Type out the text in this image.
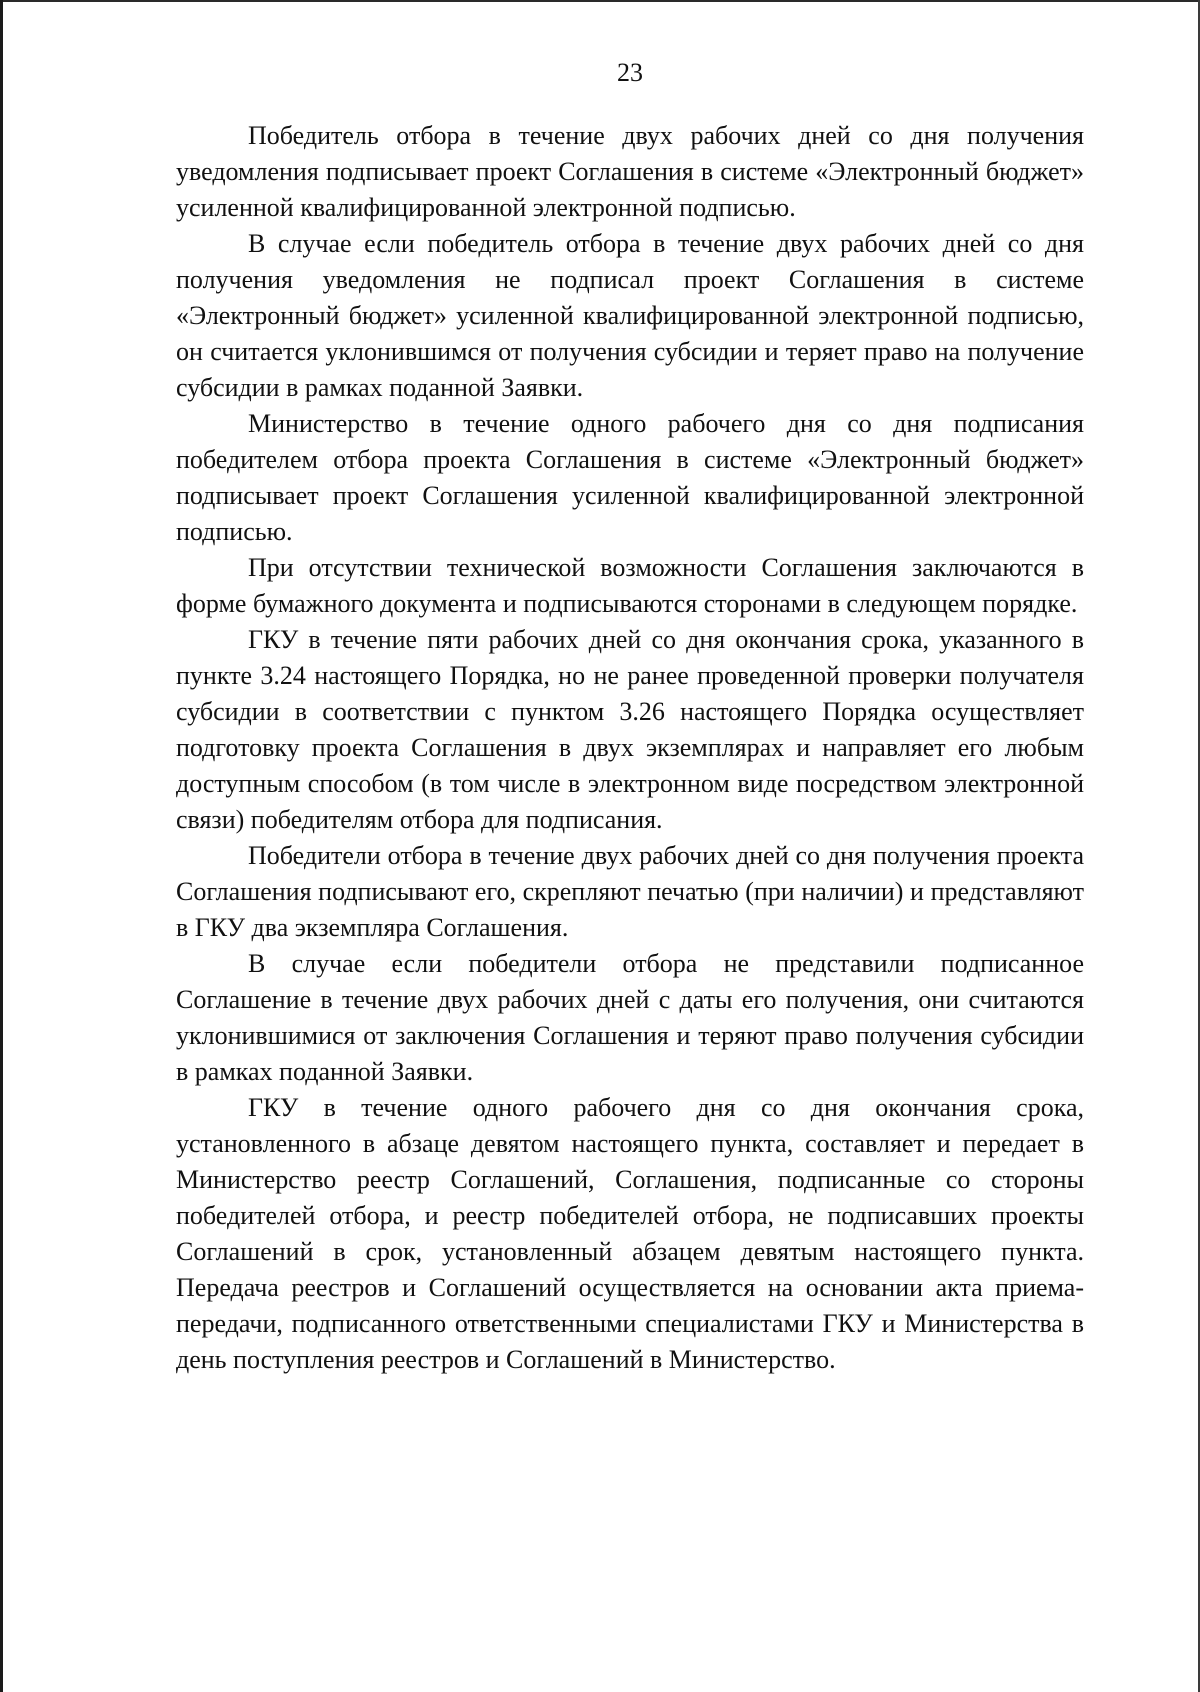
23

Победитель отбора в течение двух рабочих дней со дня получения уведомления подписывает проект Соглашения в системе «Электронный бюджет» усиленной квалифицированной электронной подписью.

В случае если победитель отбора в течение двух рабочих дней со дня получения уведомления не подписал проект Соглашения в системе «Электронный бюджет» усиленной квалифицированной электронной подписью, он считается уклонившимся от получения субсидии и теряет право на получение субсидии в рамках поданной Заявки.

Министерство в течение одного рабочего дня со дня подписания победителем отбора проекта Соглашения в системе «Электронный бюджет» подписывает проект Соглашения усиленной квалифицированной электронной подписью.

При отсутствии технической возможности Соглашения заключаются в форме бумажного документа и подписываются сторонами в следующем порядке.

ГКУ в течение пяти рабочих дней со дня окончания срока, указанного в пункте 3.24 настоящего Порядка, но не ранее проведенной проверки получателя субсидии в соответствии с пунктом 3.26 настоящего Порядка осуществляет подготовку проекта Соглашения в двух экземплярах и направляет его любым доступным способом (в том числе в электронном виде посредством электронной связи) победителям отбора для подписания.

Победители отбора в течение двух рабочих дней со дня получения проекта Соглашения подписывают его, скрепляют печатью (при наличии) и представляют в ГКУ два экземпляра Соглашения.

В случае если победители отбора не представили подписанное Соглашение в течение двух рабочих дней с даты его получения, они считаются уклонившимися от заключения Соглашения и теряют право получения субсидии в рамках поданной Заявки.

ГКУ в течение одного рабочего дня со дня окончания срока, установленного в абзаце девятом настоящего пункта, составляет и передает в Министерство реестр Соглашений, Соглашения, подписанные со стороны победителей отбора, и реестр победителей отбора, не подписавших проекты Соглашений в срок, установленный абзацем девятым настоящего пункта. Передача реестров и Соглашений осуществляется на основании акта приема-передачи, подписанного ответственными специалистами ГКУ и Министерства в день поступления реестров и Соглашений в Министерство.
